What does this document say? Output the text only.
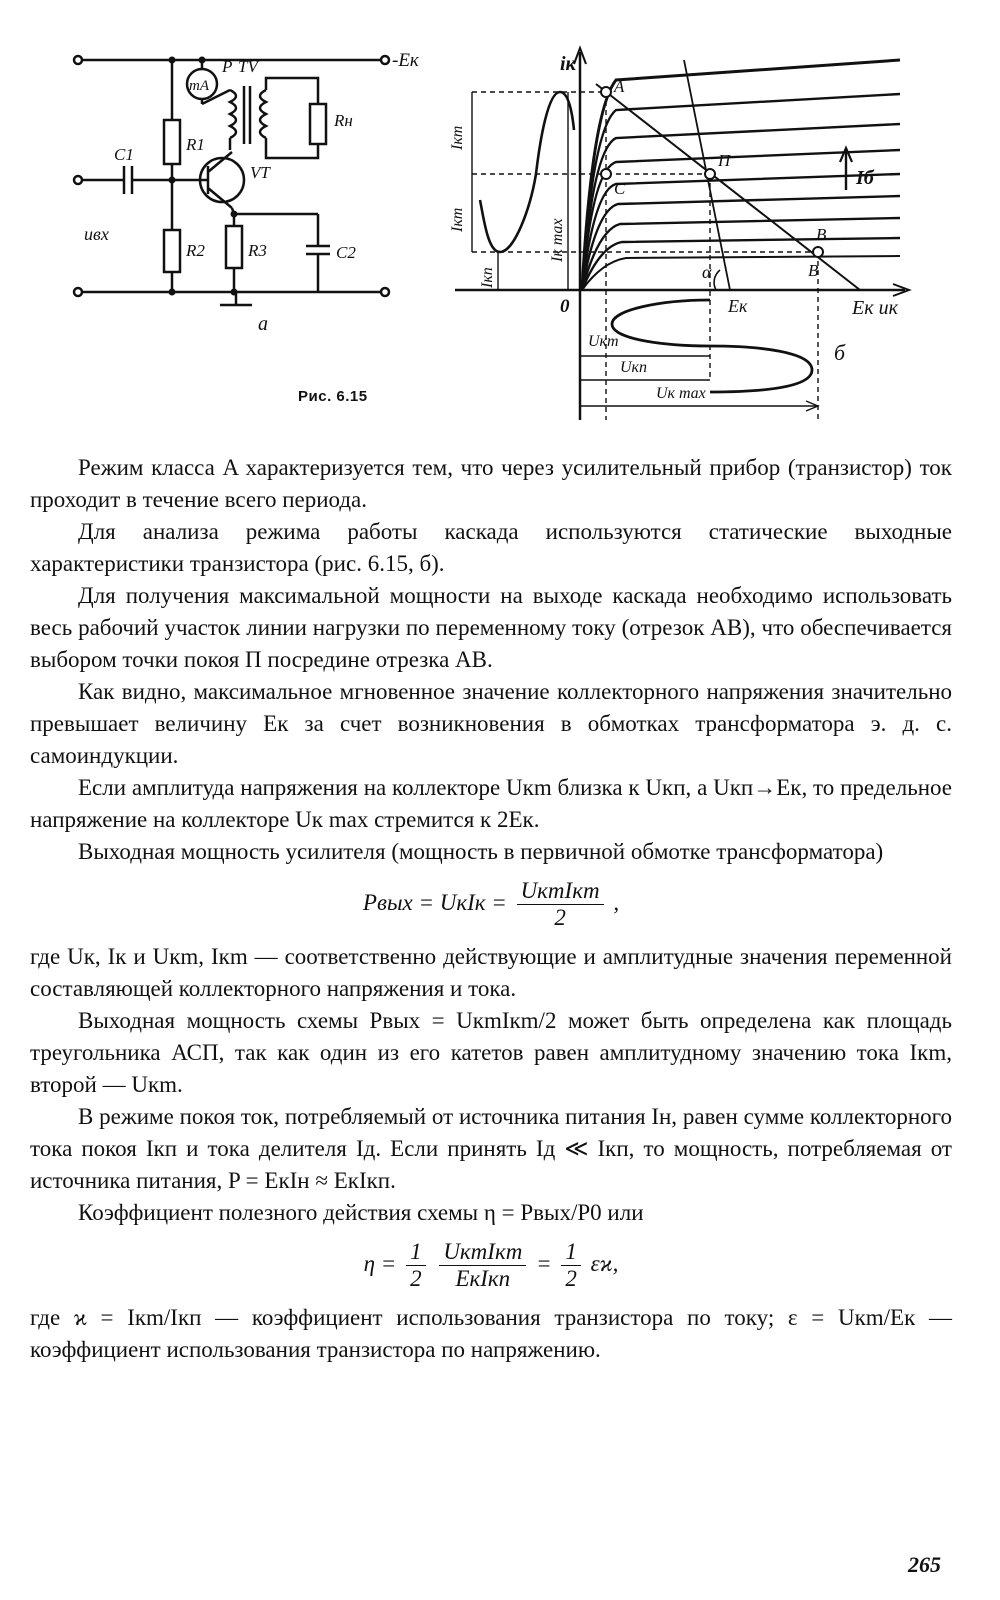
-Eк
mA
P TV
R1
Rн
C1
VT
uвх
R2	R3	C2
a
iк
Eк uк
0
A
П
C
B
B
α
Eк
Iб
Iкm
Iкm
Iкп
Iк max
Uкm
Uкп
Uк max
б
Рис. 6.15

Режим класса A характеризуется тем, что через усилительный прибор (транзистор) ток проходит в течение всего периода.

Для анализа режима работы каскада используются статические выходные характеристики транзистора (рис. 6.15, б).

Для получения максимальной мощности на выходе каскада необходимо использовать весь рабочий участок линии нагрузки по переменному току (отрезок AB), что обеспечивается выбором точки покоя П посредине отрезка AB.

Как видно, максимальное мгновенное значение коллекторного напряжения значительно превышает величину Eк за счет возникновения в обмотках трансформатора э. д. с. самоиндукции.

Если амплитуда напряжения на коллекторе Uкm близка к Uкп, а Uкп→Eк, то предельное напряжение на коллекторе Uк max стремится к 2Eк.

Выходная мощность усилителя (мощность в первичной обмотке трансформатора)

Pвых = UкIк = $\frac{\text{UкmIкm}}{2}$ ,

где Uк, Iк и Uкm, Iкm — соответственно действующие и амплитудные значения переменной составляющей коллекторного напряжения и тока.

Выходная мощность схемы Pвых = UкmIкm/2 может быть определена как площадь треугольника АСП, так как один из его катетов равен амплитудному значению тока Iкm, второй — Uкm.

В режиме покоя ток, потребляемый от источника питания Iн, равен сумме коллекторного тока покоя Iкп и тока делителя Iд. Если принять Iд ≪ Iкп, то мощность, потребляемая от источника питания, P = EкIн ≈ EкIкп.

Коэффициент полезного действия схемы η = Pвых/P0 или

$\eta = \frac{1}{2}$
$\frac{\text{UкmIкm}}{\text{EкIкп}} = \frac{1}{2} \varepsilon ϰ$,

где ϰ = Iкm/Iкп — коэффициент использования транзистора по току; ε = Uкm/Eк — коэффициент использования транзистора по напряжению.

265
